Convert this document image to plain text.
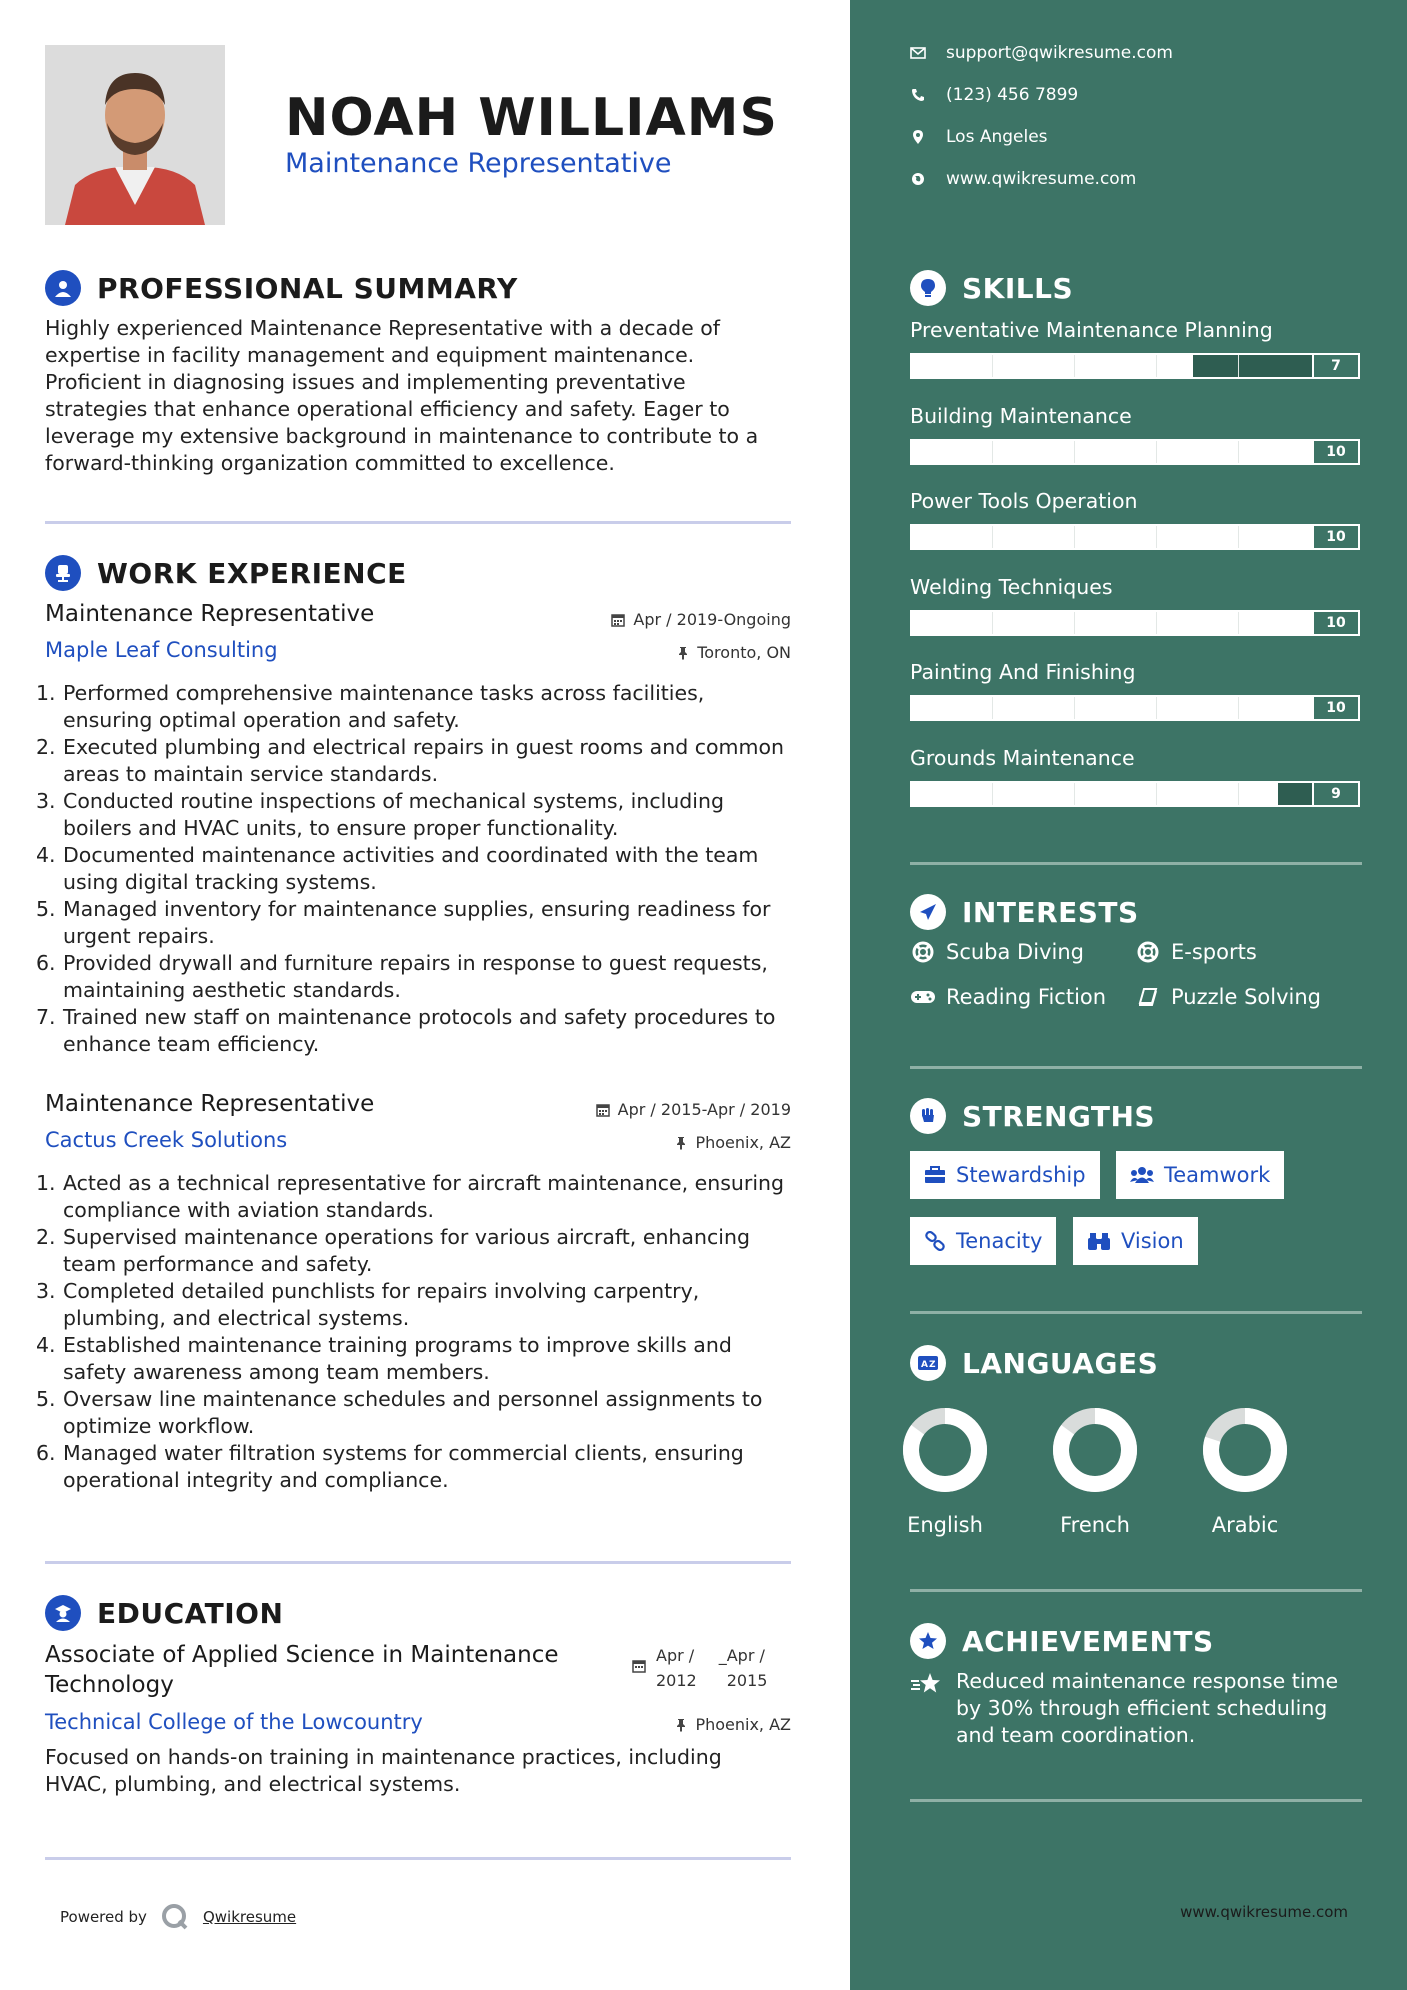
NOAH WILLIAMS
Maintenance Representative
PROFESSIONAL SUMMARY
Highly experienced Maintenance Representative with a decade of expertise in facility management and equipment maintenance. Proficient in diagnosing issues and implementing preventative strategies that enhance operational efficiency and safety. Eager to leverage my extensive background in maintenance to contribute to a forward-thinking organization committed to excellence.
WORK EXPERIENCE
Maintenance Representative	Apr / 2019-Ongoing
Maple Leaf Consulting	Toronto, ON
1. Performed comprehensive maintenance tasks across facilities, ensuring optimal operation and safety.
2. Executed plumbing and electrical repairs in guest rooms and common areas to maintain service standards.
3. Conducted routine inspections of mechanical systems, including boilers and HVAC units, to ensure proper functionality.
4. Documented maintenance activities and coordinated with the team using digital tracking systems.
5. Managed inventory for maintenance supplies, ensuring readiness for urgent repairs.
6. Provided drywall and furniture repairs in response to guest requests, maintaining aesthetic standards.
7. Trained new staff on maintenance protocols and safety procedures to enhance team efficiency.
Maintenance Representative	Apr / 2015-Apr / 2019
Cactus Creek Solutions	Phoenix, AZ
1. Acted as a technical representative for aircraft maintenance, ensuring compliance with aviation standards.
2. Supervised maintenance operations for various aircraft, enhancing team performance and safety.
3. Completed detailed punchlists for repairs involving carpentry, plumbing, and electrical systems.
4. Established maintenance training programs to improve skills and safety awareness among team members.
5. Oversaw line maintenance schedules and personnel assignments to optimize workflow.
6. Managed water filtration systems for commercial clients, ensuring operational integrity and compliance.
EDUCATION
Associate of Applied Science in Maintenance Technology
Apr /
2012
_Apr /
2015
Technical College of the Lowcountry	Phoenix, AZ
Focused on hands-on training in maintenance practices, including HVAC, plumbing, and electrical systems.
Powered by	Qwikresume
support@qwikresume.com
(123) 456 7899
Los Angeles
www.qwikresume.com
SKILLS
Preventative Maintenance Planning
7
Building Maintenance
10
Power Tools Operation
10
Welding Techniques
10
Painting And Finishing
10
Grounds Maintenance
9
INTERESTS
Scuba Diving	E-sports
Reading Fiction	Puzzle Solving
STRENGTHS
Stewardship	Teamwork
Tenacity	Vision
A Z LANGUAGES
English	French	Arabic
ACHIEVEMENTS
Reduced maintenance response time by 30% through efficient scheduling and team coordination.
www.qwikresume.com
